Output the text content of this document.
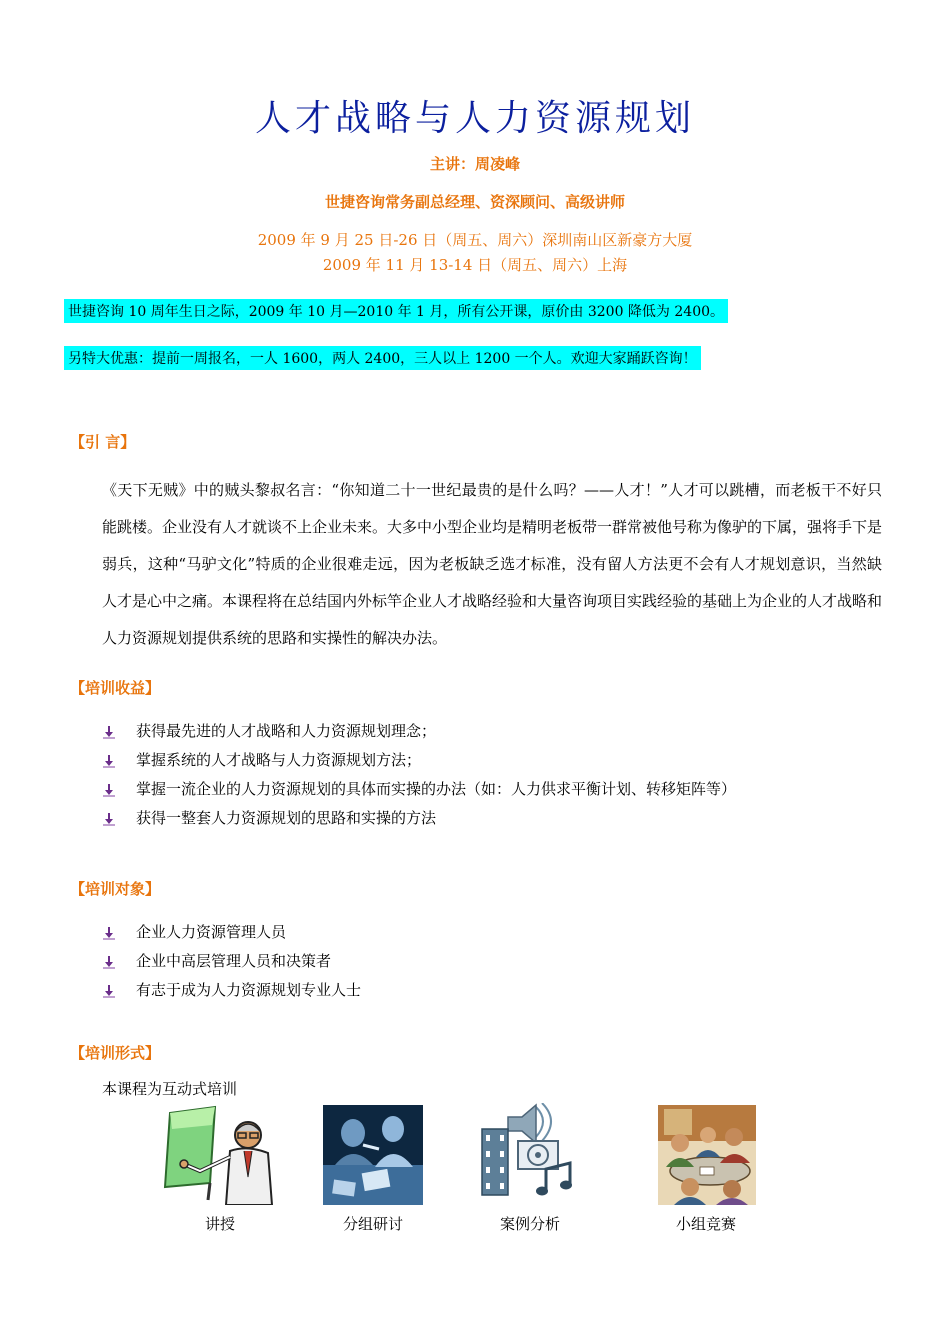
人才战略与人力资源规划
主讲：周凌峰
世捷咨询常务副总经理、资深顾问、高级讲师
2009 年 9 月 25 日-26 日（周五、周六）深圳南山区新豪方大厦
2009 年 11 月 13-14 日（周五、周六）上海
世捷咨询 10 周年生日之际，2009 年 10 月—2010 年 1 月，所有公开课，原价由 3200 降低为 2400。
另特大优惠：提前一周报名，一人 1600，两人 2400，三人以上 1200 一个人。欢迎大家踊跃咨询！
【引 言】

《天下无贼》中的贼头黎叔名言：“你知道二十一世纪最贵的是什么吗？——人才！”人才可以跳槽，而老板干不好只能跳楼。企业没有人才就谈不上企业未来。大多中小型企业均是精明老板带一群常被他号称为像驴的下属，强将手下是弱兵，这种“马驴文化”特质的企业很难走远，因为老板缺乏选才标准，没有留人方法更不会有人才规划意识，当然缺人才是心中之痛。本课程将在总结国内外标竿企业人才战略经验和大量咨询项目实践经验的基础上为企业的人才战略和人力资源规划提供系统的思路和实操性的解决办法。

【培训收益】
获得最先进的人才战略和人力资源规划理念；
掌握系统的人才战略与人力资源规划方法；
掌握一流企业的人力资源规划的具体而实操的办法（如：人力供求平衡计划、转移矩阵等）
获得一整套人力资源规划的思路和实操的方法
【培训对象】
企业人力资源管理人员
企业中高层管理人员和决策者
有志于成为人力资源规划专业人士
【培训形式】
本课程为互动式培训
讲授	分组研讨	案例分析	小组竞赛
